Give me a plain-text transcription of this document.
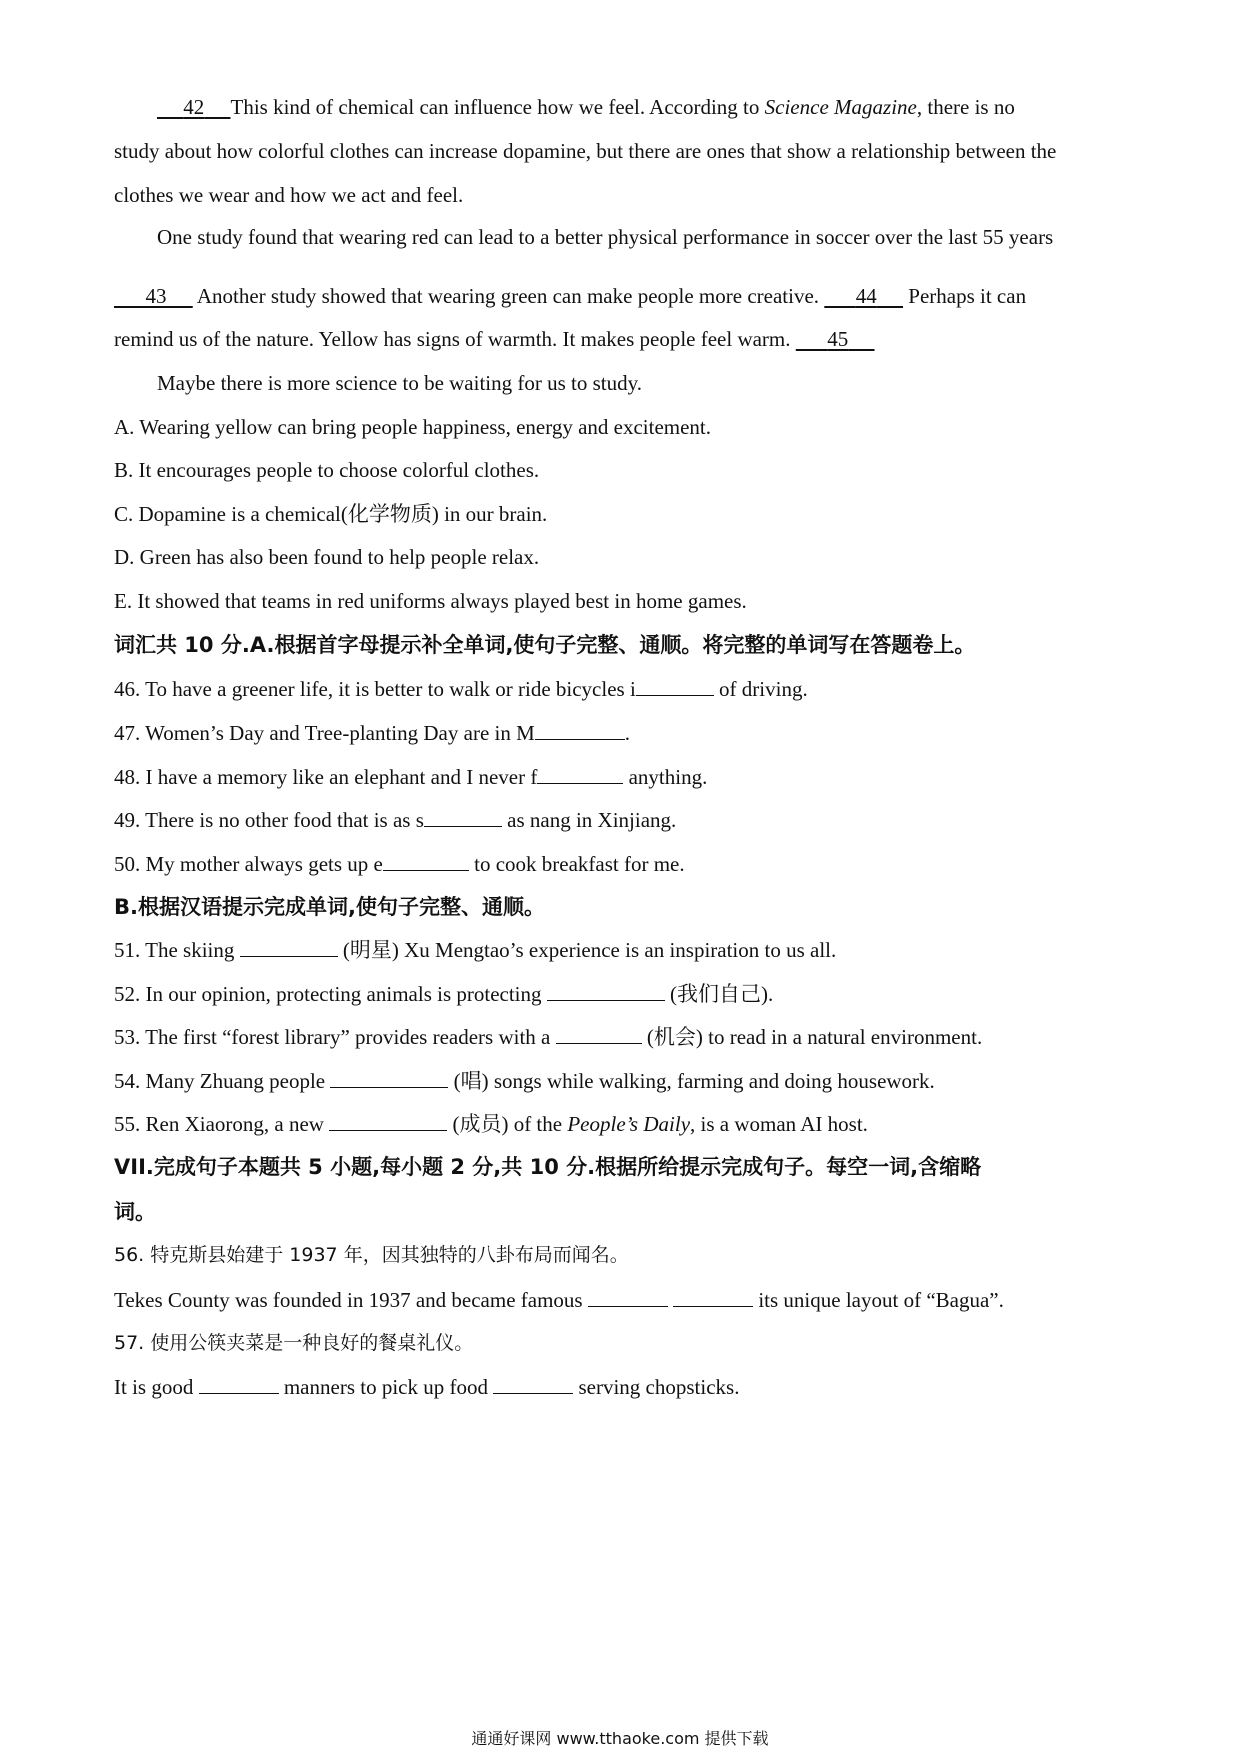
42 This kind of chemical can influence how we feel. According to Science Magazine, there is no
study about how colorful clothes can increase dopamine, but there are ones that show a relationship between the
clothes we wear and how we act and feel.
One study found that wearing red can lead to a better physical performance in soccer over the last 55 years
43 Another study showed that wearing green can make people more creative. 44 Perhaps it can
remind us of the nature. Yellow has signs of warmth. It makes people feel warm. 45
Maybe there is more science to be waiting for us to study.
A. Wearing yellow can bring people happiness, energy and excitement.
B. It encourages people to choose colorful clothes.
C. Dopamine is a chemical(化学物质) in our brain.
D. Green has also been found to help people relax.
E. It showed that teams in red uniforms always played best in home games.
词汇共 10 分.A.根据首字母提示补全单词,使句子完整、通顺。将完整的单词写在答题卷上。
46. To have a greener life, it is better to walk or ride bicycles i	of driving.
47. Women’s Day and Tree-planting Day are in M	.
48. I have a memory like an elephant and I never f	anything.
49. There is no other food that is as s	as nang in Xinjiang.
50. My mother always gets up e	to cook breakfast for me.
B.根据汉语提示完成单词,使句子完整、通顺。
51. The skiing	(明星) Xu Mengtao’s experience is an inspiration to us all.
52. In our opinion, protecting animals is protecting	(我们自己).
53. The first “forest library” provides readers with a	(机会) to read in a natural environment.
54. Many Zhuang people	(唱) songs while walking, farming and doing housework.
55. Ren Xiaorong, a new	(成员) of the People’s Daily, is a woman AI host.
VII.完成句子本题共 5 小题,每小题 2 分,共 10 分.根据所给提示完成句子。每空一词,含缩略
词。
56. 特克斯县始建于 1937 年，因其独特的八卦布局而闻名。
Tekes County was founded in 1937 and became famous	its unique layout of “Bagua”.
57. 使用公筷夹菜是一种良好的餐桌礼仪。
It is good	manners to pick up food	serving chopsticks.
通通好课网 www.tthaoke.com 提供下载
